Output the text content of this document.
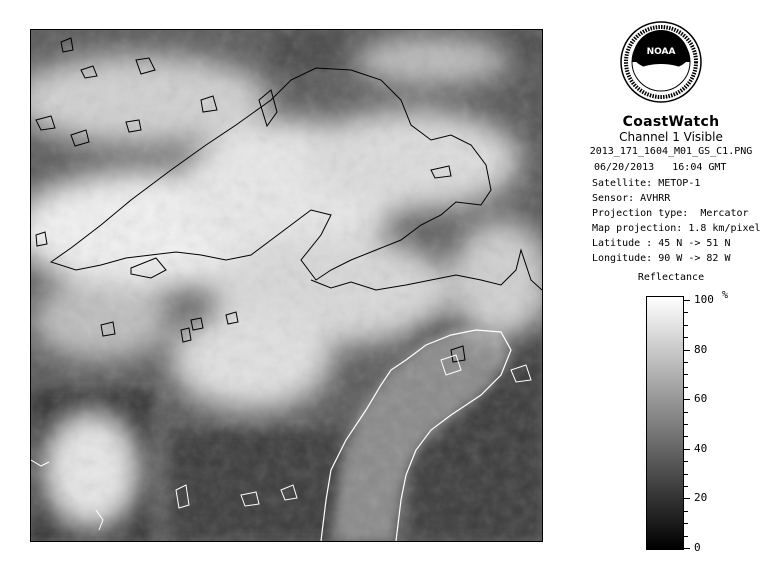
NOAA
CoastWatch
Channel 1 Visible
2013_171_1604_M01_GS_C1.PNG
06/20/2013   16:04 GMT
Satellite: METOP-1
Sensor: AVHRR
Projection type:  Mercator
Map projection: 1.8 km/pixel
Latitude : 45 N -> 51 N
Longitude: 90 W -> 82 W
Reflectance
%
100
80
60
40
20
0
